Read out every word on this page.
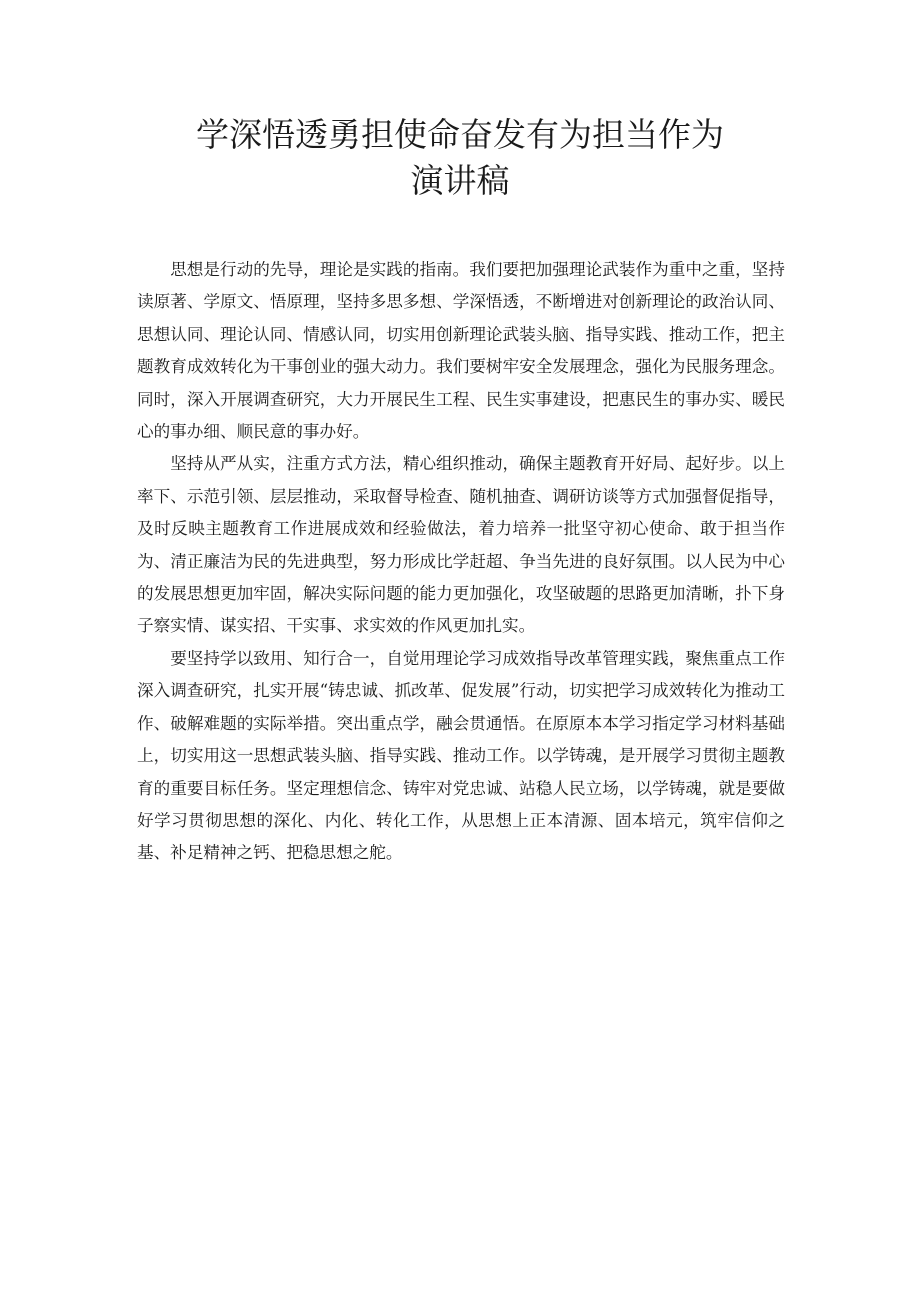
学深悟透勇担使命奋发有为担当作为
演讲稿

思想是行动的先导，理论是实践的指南。我们要把加强理论武装作为重中之重，坚持读原著、学原文、悟原理，坚持多思多想、学深悟透，不断增进对创新理论的政治认同、思想认同、理论认同、情感认同，切实用创新理论武装头脑、指导实践、推动工作，把主题教育成效转化为干事创业的强大动力。我们要树牢安全发展理念，强化为民服务理念。同时，深入开展调查研究，大力开展民生工程、民生实事建设，把惠民生的事办实、暖民心的事办细、顺民意的事办好。

坚持从严从实，注重方式方法，精心组织推动，确保主题教育开好局、起好步。以上率下、示范引领、层层推动，采取督导检查、随机抽查、调研访谈等方式加强督促指导，及时反映主题教育工作进展成效和经验做法，着力培养一批坚守初心使命、敢于担当作为、清正廉洁为民的先进典型，努力形成比学赶超、争当先进的良好氛围。以人民为中心的发展思想更加牢固，解决实际问题的能力更加强化，攻坚破题的思路更加清晰，扑下身子察实情、谋实招、干实事、求实效的作风更加扎实。

要坚持学以致用、知行合一，自觉用理论学习成效指导改革管理实践，聚焦重点工作深入调查研究，扎实开展“铸忠诚、抓改革、促发展”行动，切实把学习成效转化为推动工作、破解难题的实际举措。突出重点学，融会贯通悟。在原原本本学习指定学习材料基础上，切实用这一思想武装头脑、指导实践、推动工作。以学铸魂，是开展学习贯彻主题教育的重要目标任务。坚定理想信念、铸牢对党忠诚、站稳人民立场，以学铸魂，就是要做好学习贯彻思想的深化、内化、转化工作，从思想上正本清源、固本培元，筑牢信仰之基、补足精神之钙、把稳思想之舵。
